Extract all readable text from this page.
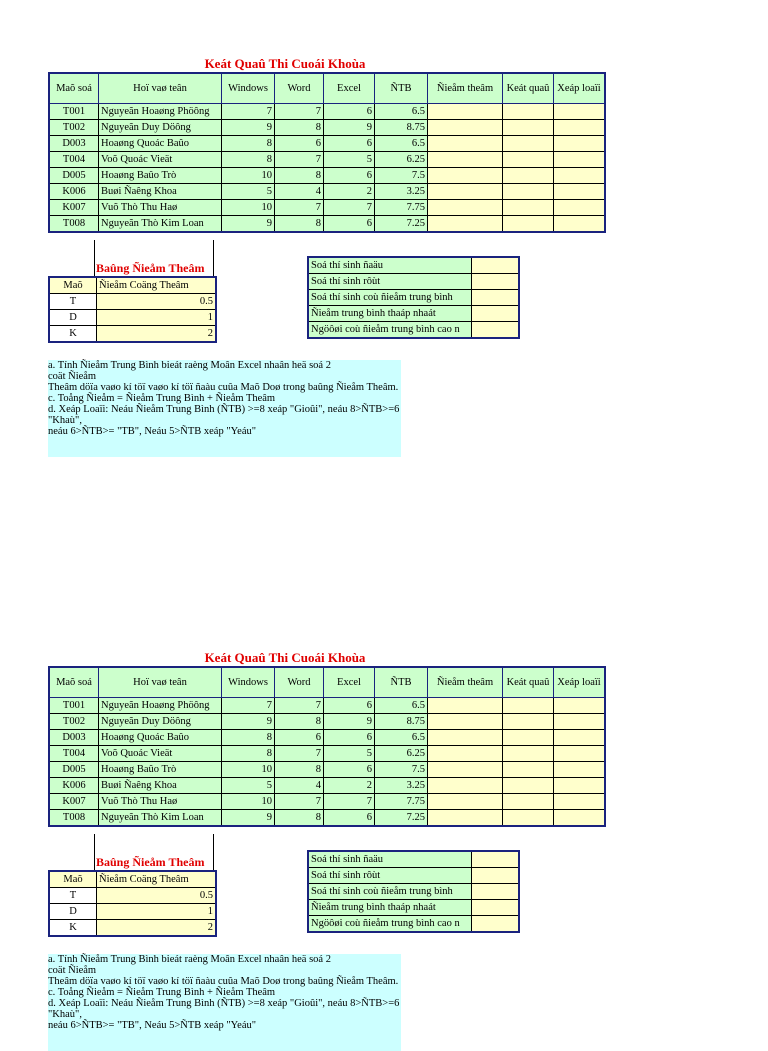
Keát Quaû Thi Cuoái Khoùa
Maõ soá	Hoï vaø teân	Windows	Word	Excel	ÑTB	Ñieåm theâm	Keát quaû	Xeáp loaïi
T001	Nguyeãn Hoaøng Phöông	7	7	6	6.5			
T002	Nguyeãn Duy Döông	9	8	9	8.75			
D003	Hoaøng Quoác Baûo	8	6	6	6.5			
T004	Voõ Quoác Vieät	8	7	5	6.25			
D005	Hoaøng Baûo Trò	10	8	6	7.5			
K006	Buøi Ñaêng Khoa	5	4	2	3.25			
K007	Vuõ Thò Thu Haø	10	7	7	7.75			
T008	Nguyeãn Thò Kim Loan	9	8	6	7.25			
Baûng Ñieåm Theâm
Maõ	Ñieåm Coäng Theâm
T	0.5
D	1
K	2
Soá thí sinh ñaäu	
Soá thí sinh rôùt	
Soá thí sinh coù ñieåm trung bình	
Ñieåm trung bình thaáp nhaát	
Ngöôøi coù ñieåm trung bình cao n	
a. Tính Ñieåm Trung Bình bieát raèng Moân Excel nhaân heä soá 2
coät Ñieåm
Theâm döïa vaøo kí töï vaøo kí töï ñaàu cuûa Maõ Doø trong baûng Ñieåm Theâm.
c. Toång Ñieåm = Ñieåm Trung Bình + Ñieåm Theâm
d. Xeáp Loaïi: Neáu Ñieåm Trung Bình (ÑTB) >=8 xeáp "Gioûi", neáu 8>ÑTB>=6 "Khaù",
neáu 6>ÑTB>= "TB", Neáu 5>ÑTB xeáp "Yeáu"
Keát Quaû Thi Cuoái Khoùa
Maõ soá	Hoï vaø teân	Windows	Word	Excel	ÑTB	Ñieåm theâm	Keát quaû	Xeáp loaïi
T001	Nguyeãn Hoaøng Phöông	7	7	6	6.5			
T002	Nguyeãn Duy Döông	9	8	9	8.75			
D003	Hoaøng Quoác Baûo	8	6	6	6.5			
T004	Voõ Quoác Vieät	8	7	5	6.25			
D005	Hoaøng Baûo Trò	10	8	6	7.5			
K006	Buøi Ñaêng Khoa	5	4	2	3.25			
K007	Vuõ Thò Thu Haø	10	7	7	7.75			
T008	Nguyeãn Thò Kim Loan	9	8	6	7.25			
Baûng Ñieåm Theâm
Maõ	Ñieåm Coäng Theâm
T	0.5
D	1
K	2
Soá thí sinh ñaäu	
Soá thí sinh rôùt	
Soá thí sinh coù ñieåm trung bình	
Ñieåm trung bình thaáp nhaát	
Ngöôøi coù ñieåm trung bình cao n	
a. Tính Ñieåm Trung Bình bieát raèng Moân Excel nhaân heä soá 2
coät Ñieåm
Theâm döïa vaøo kí töï vaøo kí töï ñaàu cuûa Maõ Doø trong baûng Ñieåm Theâm.
c. Toång Ñieåm = Ñieåm Trung Bình + Ñieåm Theâm
d. Xeáp Loaïi: Neáu Ñieåm Trung Bình (ÑTB) >=8 xeáp "Gioûi", neáu 8>ÑTB>=6 "Khaù",
neáu 6>ÑTB>= "TB", Neáu 5>ÑTB xeáp "Yeáu"
